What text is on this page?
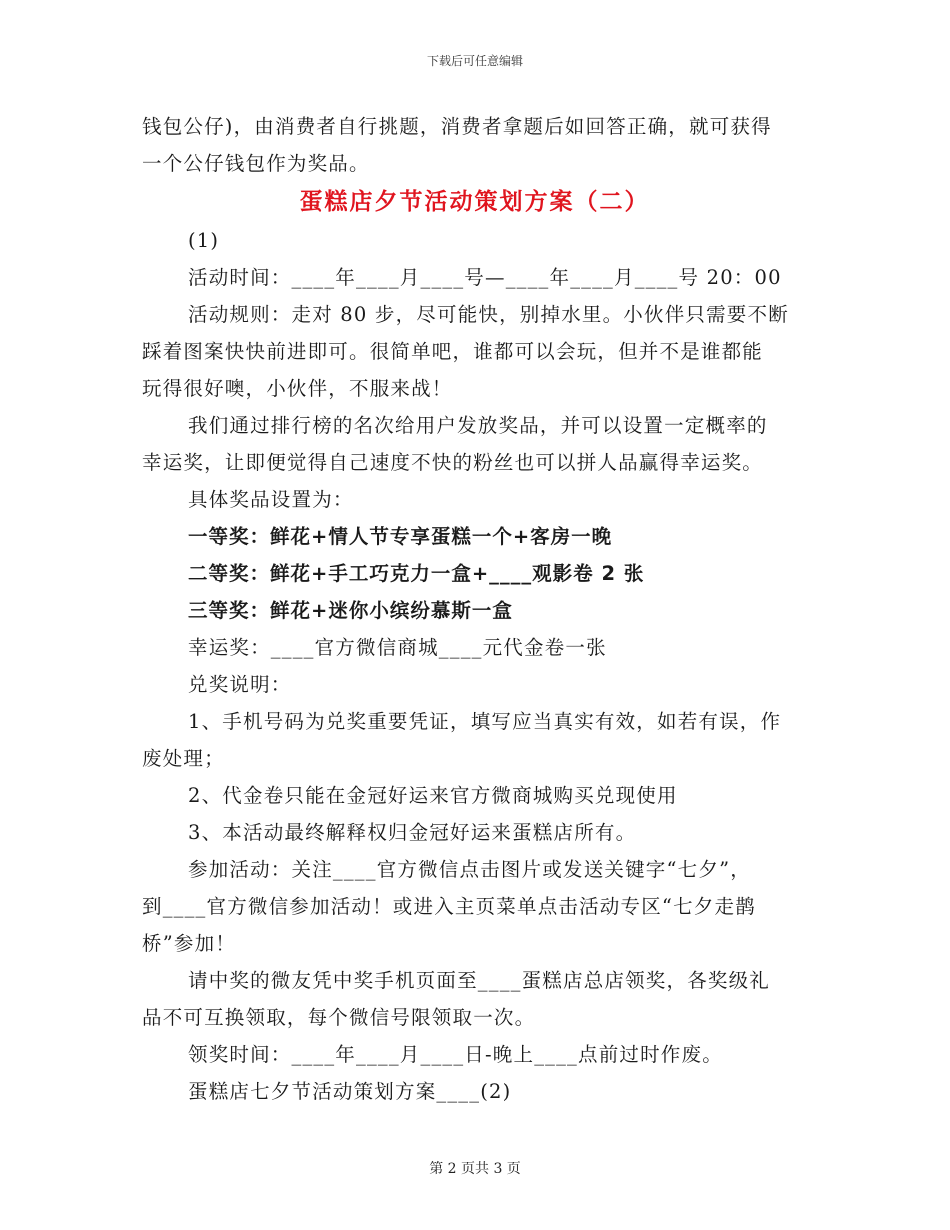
下载后可任意编辑

钱包公仔)，由消费者自行挑题，消费者拿题后如回答正确，就可获得

一个公仔钱包作为奖品。

蛋糕店夕节活动策划方案（二）

(1)

活动时间：____年____月____号—____年____月____号 20：00

活动规则：走对 80 步，尽可能快，别掉水里。小伙伴只需要不断

踩着图案快快前进即可。很简单吧，谁都可以会玩，但并不是谁都能

玩得很好噢，小伙伴，不服来战！

我们通过排行榜的名次给用户发放奖品，并可以设置一定概率的

幸运奖，让即便觉得自己速度不快的粉丝也可以拼人品赢得幸运奖。

具体奖品设置为：

一等奖：鲜花+情人节专享蛋糕一个+客房一晚

二等奖：鲜花+手工巧克力一盒+____观影卷 2 张

三等奖：鲜花+迷你小缤纷慕斯一盒

幸运奖：____官方微信商城____元代金卷一张

兑奖说明：

1、手机号码为兑奖重要凭证，填写应当真实有效，如若有误，作

废处理；

2、代金卷只能在金冠好运来官方微商城购买兑现使用

3、本活动最终解释权归金冠好运来蛋糕店所有。

参加活动：关注____官方微信点击图片或发送关键字“七夕”，

到____官方微信参加活动！或进入主页菜单点击活动专区“七夕走鹊

桥”参加！

请中奖的微友凭中奖手机页面至____蛋糕店总店领奖，各奖级礼

品不可互换领取，每个微信号限领取一次。

领奖时间：____年____月____日-晚上____点前过时作废。

蛋糕店七夕节活动策划方案____(2)

第 2 页共 3 页
